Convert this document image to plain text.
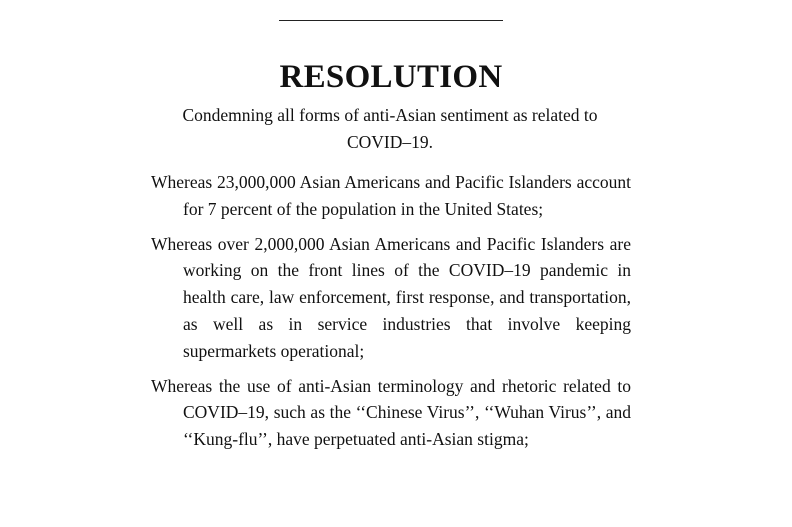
RESOLUTION

Condemning all forms of anti-Asian sentiment as related to COVID–19.

Whereas 23,000,000 Asian Americans and Pacific Islanders account for 7 percent of the population in the United States;

Whereas over 2,000,000 Asian Americans and Pacific Islanders are working on the front lines of the COVID–19 pandemic in health care, law enforcement, first response, and transportation, as well as in service industries that involve keeping supermarkets operational;

Whereas the use of anti-Asian terminology and rhetoric related to COVID–19, such as the ‘‘Chinese Virus’’, ‘‘Wuhan Virus’’, and ‘‘Kung-flu’’, have perpetuated anti-Asian stigma;
